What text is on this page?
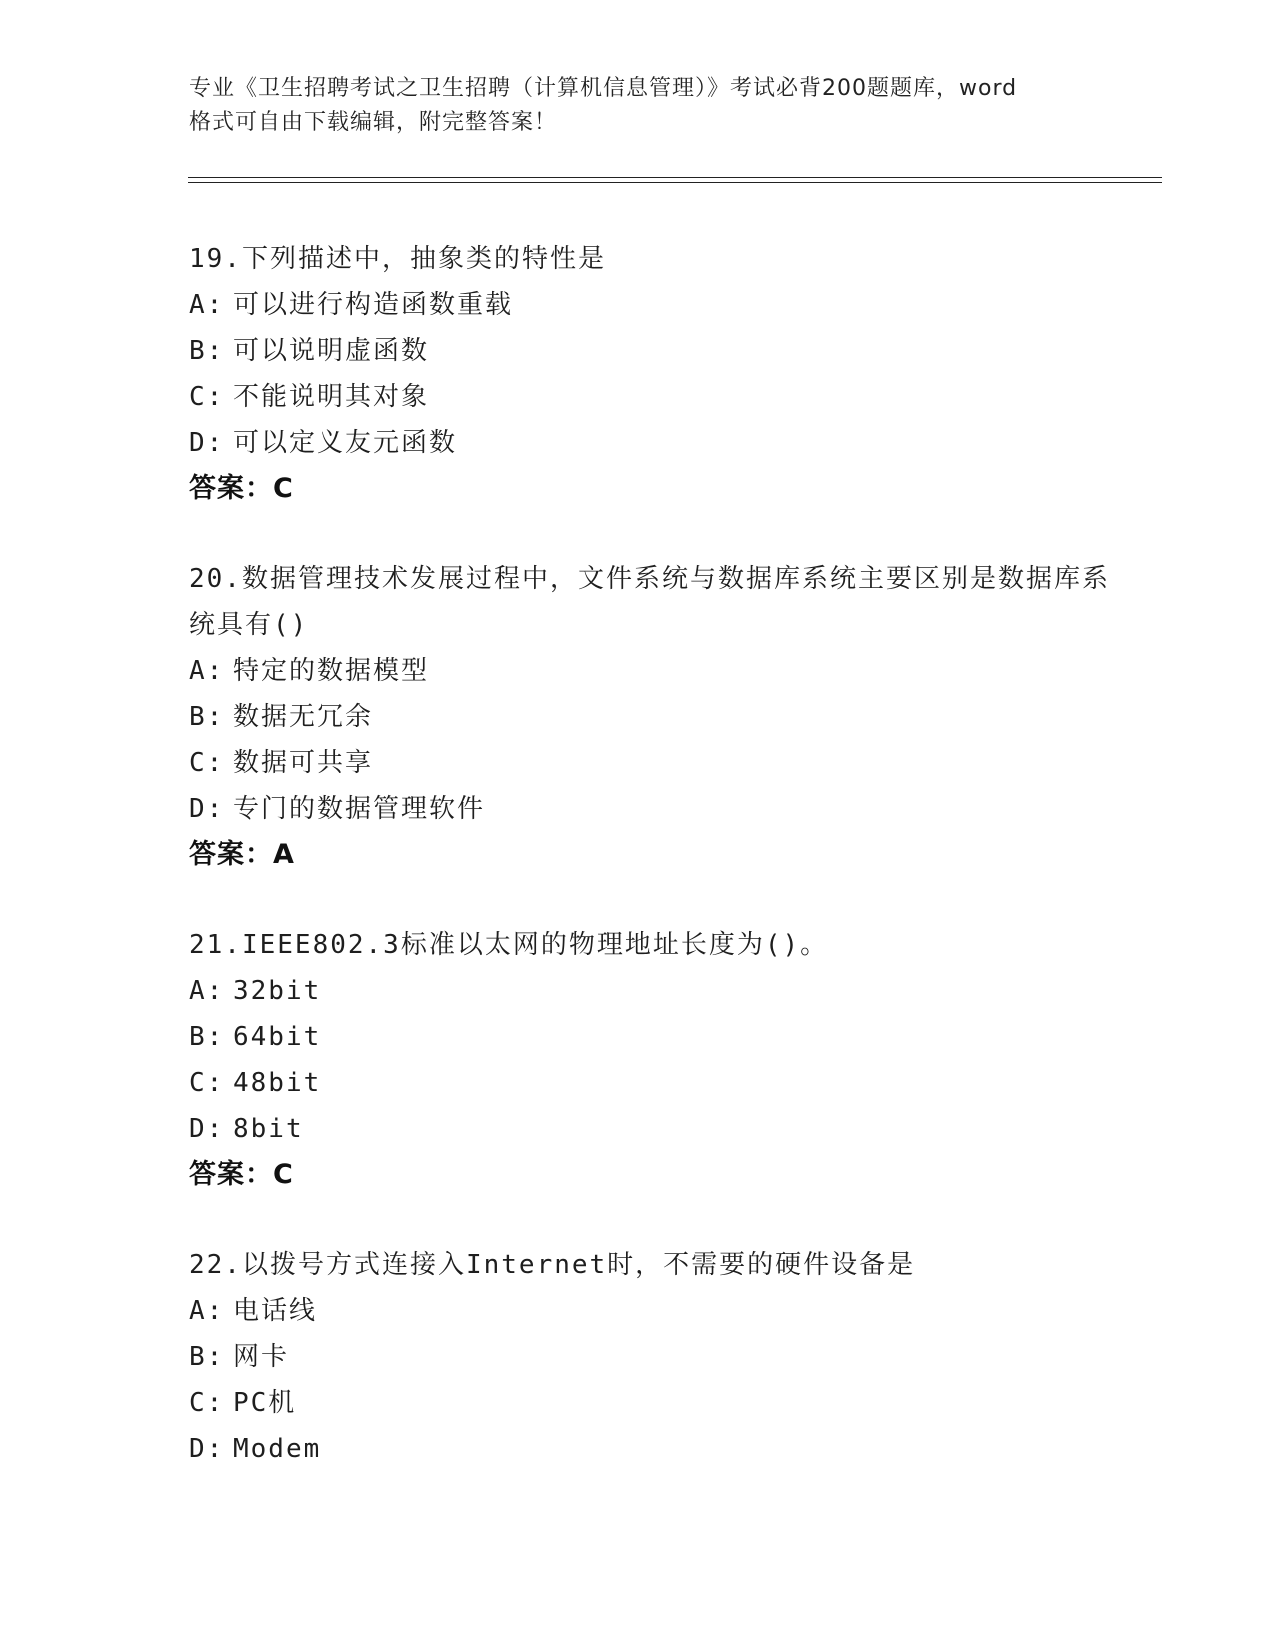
专业《卫生招聘考试之卫生招聘（计算机信息管理）》考试必背200题题库，word
格式可自由下载编辑，附完整答案！
19.下列描述中，抽象类的特性是
A: 可以进行构造函数重载
B: 可以说明虚函数
C: 不能说明其对象
D: 可以定义友元函数
答案：C
20.数据管理技术发展过程中，文件系统与数据库系统主要区别是数据库系统具有()
A: 特定的数据模型
B: 数据无冗余
C: 数据可共享
D: 专门的数据管理软件
答案：A
21.IEEE802.3标准以太网的物理地址长度为()。
A: 32bit
B: 64bit
C: 48bit
D: 8bit
答案：C
22.以拨号方式连接入Internet时，不需要的硬件设备是
A: 电话线
B: 网卡
C: PC机
D: Modem
